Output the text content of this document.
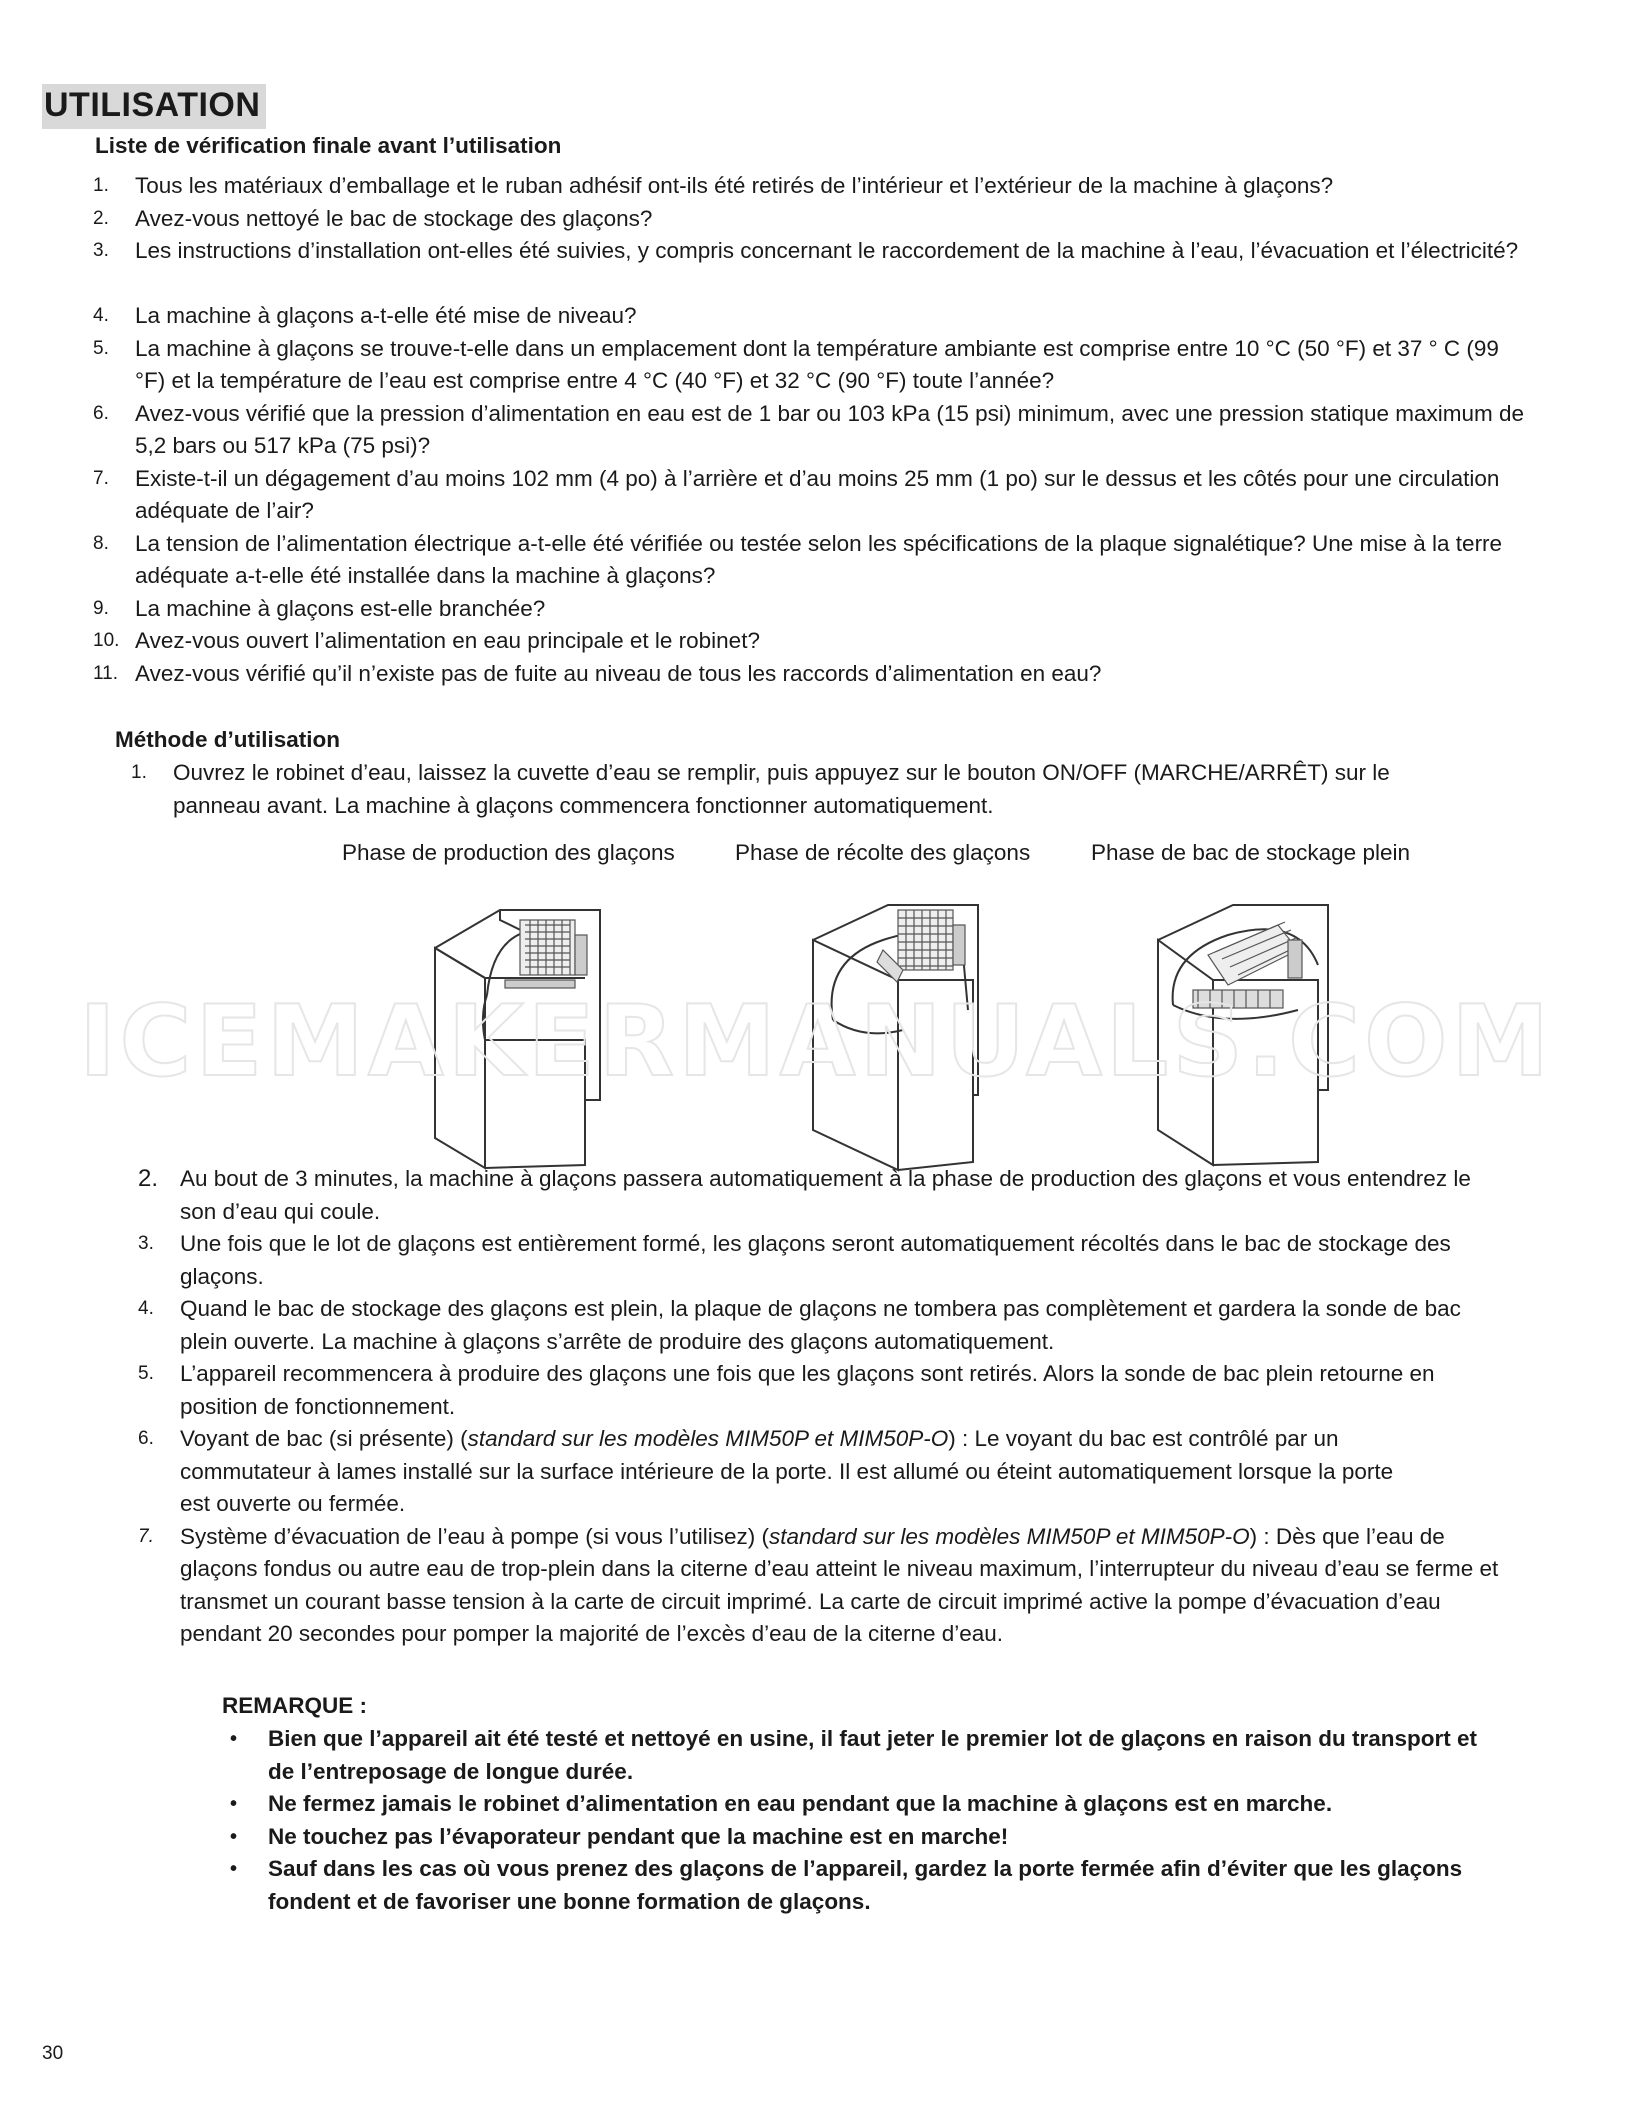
UTILISATION
Liste de vérification finale avant l’utilisation
1. Tous les matériaux d’emballage et le ruban adhésif ont-ils été retirés de l’intérieur et l’extérieur de la machine à glaçons?
2. Avez-vous nettoyé le bac de stockage des glaçons?
3. Les instructions d’installation ont-elles été suivies, y compris concernant le raccordement de la machine à l’eau, l’évacuation et l’électricité?
4. La machine à glaçons a-t-elle été mise de niveau?
5. La machine à glaçons se trouve-t-elle dans un emplacement dont la température ambiante est comprise entre 10 °C (50 °F) et 37 ° C (99 °F) et la température de l’eau est comprise entre 4 °C (40 °F) et 32 °C (90 °F) toute l’année?
6. Avez-vous vérifié que la pression d’alimentation en eau est de 1 bar ou 103 kPa (15 psi) minimum, avec une pression statique maximum de 5,2 bars ou 517 kPa (75 psi)?
7. Existe-t-il un dégagement d’au moins 102 mm (4 po) à l’arrière et d’au moins 25 mm (1 po) sur le dessus et les côtés pour une circulation adéquate de l’air?
8. La tension de l’alimentation électrique a-t-elle été vérifiée ou testée selon les spécifications de la plaque signalétique? Une mise à la terre adéquate a-t-elle été installée dans la machine à glaçons?
9. La machine à glaçons est-elle branchée?
10. Avez-vous ouvert l’alimentation en eau principale et le robinet?
11. Avez-vous vérifié qu’il n’existe pas de fuite au niveau de tous les raccords d’alimentation en eau?
Méthode d’utilisation
1. Ouvrez le robinet d’eau, laissez la cuvette d’eau se remplir, puis appuyez sur le bouton ON/OFF (MARCHE/ARRÊT) sur le panneau avant. La machine à glaçons commencera fonctionner automatiquement.
Phase de production des glaçons	Phase de récolte des glaçons	Phase de bac de stockage plein
ICEMAKERMANUALS.COM
2. Au bout de 3 minutes, la machine à glaçons passera automatiquement à la phase de production des glaçons et vous entendrez le son d’eau qui coule.
3. Une fois que le lot de glaçons est entièrement formé, les glaçons seront automatiquement récoltés dans le bac de stockage des glaçons.
4. Quand le bac de stockage des glaçons est plein, la plaque de glaçons ne tombera pas complètement et gardera la sonde de bac plein ouverte. La machine à glaçons s’arrête de produire des glaçons automatiquement.
5. L’appareil recommencera à produire des glaçons une fois que les glaçons sont retirés. Alors la sonde de bac plein retourne en position de fonctionnement.
6. Voyant de bac (si présente) (standard sur les modèles MIM50P et MIM50P-O) : Le voyant du bac est contrôlé par un commutateur à lames installé sur la surface intérieure de la porte. Il est allumé ou éteint automatiquement lorsque la porte est ouverte ou fermée.
7. Système d’évacuation de l’eau à pompe (si vous l’utilisez) (standard sur les modèles MIM50P et MIM50P-O) : Dès que l’eau de glaçons fondus ou autre eau de trop-plein dans la citerne d’eau atteint le niveau maximum, l’interrupteur du niveau d’eau se ferme et transmet un courant basse tension à la carte de circuit imprimé. La carte de circuit imprimé active la pompe d’évacuation d’eau pendant 20 secondes pour pomper la majorité de l’excès d’eau de la citerne d’eau.
REMARQUE :
• Bien que l’appareil ait été testé et nettoyé en usine, il faut jeter le premier lot de glaçons en raison du transport et de l’entreposage de longue durée.
• Ne fermez jamais le robinet d’alimentation en eau pendant que la machine à glaçons est en marche.
• Ne touchez pas l’évaporateur pendant que la machine est en marche!
• Sauf dans les cas où vous prenez des glaçons de l’appareil, gardez la porte fermée afin d’éviter que les glaçons fondent et de favoriser une bonne formation de glaçons.
30
